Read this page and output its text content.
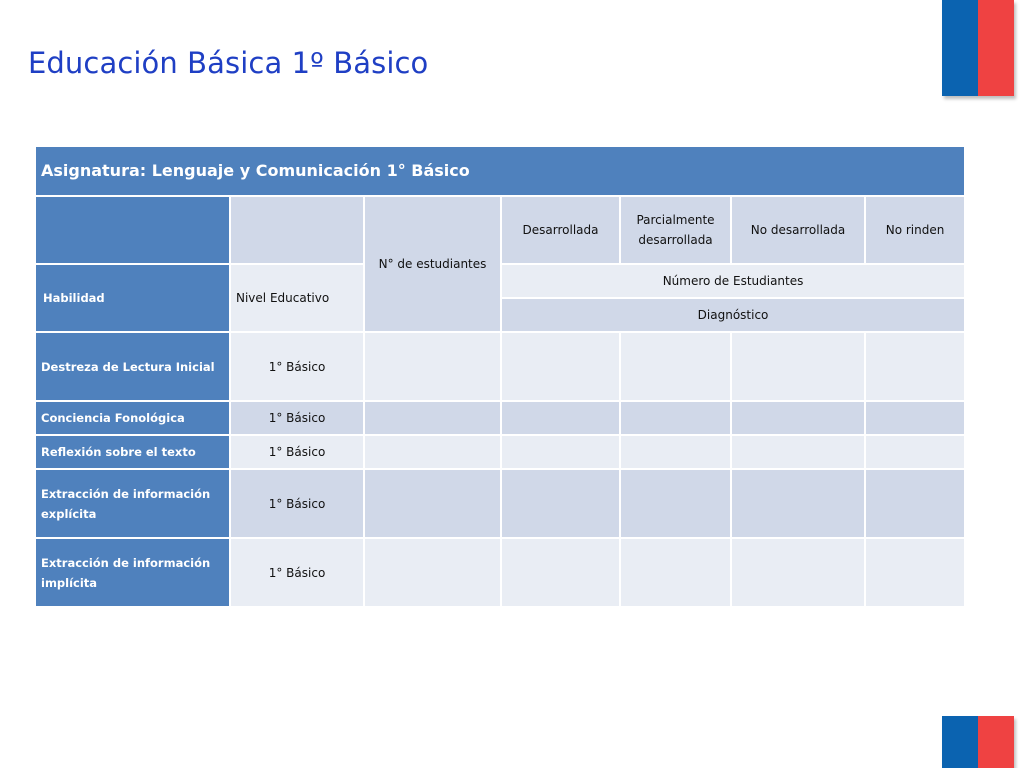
Educación Básica 1º Básico
Asignatura: Lenguaje y Comunicación 1° Básico						
		N° de estudiantes	Desarrollada	Parcialmente desarrollada	No desarrollada	No rinden
Habilidad	Nivel Educativo		Número de Estudiantes			
			Diagnóstico			
Destreza de Lectura Inicial	1° Básico					
Conciencia Fonológica	1° Básico					
Reflexión sobre el texto	1° Básico					
Extracción de información explícita	1° Básico					
Extracción de información implícita	1° Básico					
